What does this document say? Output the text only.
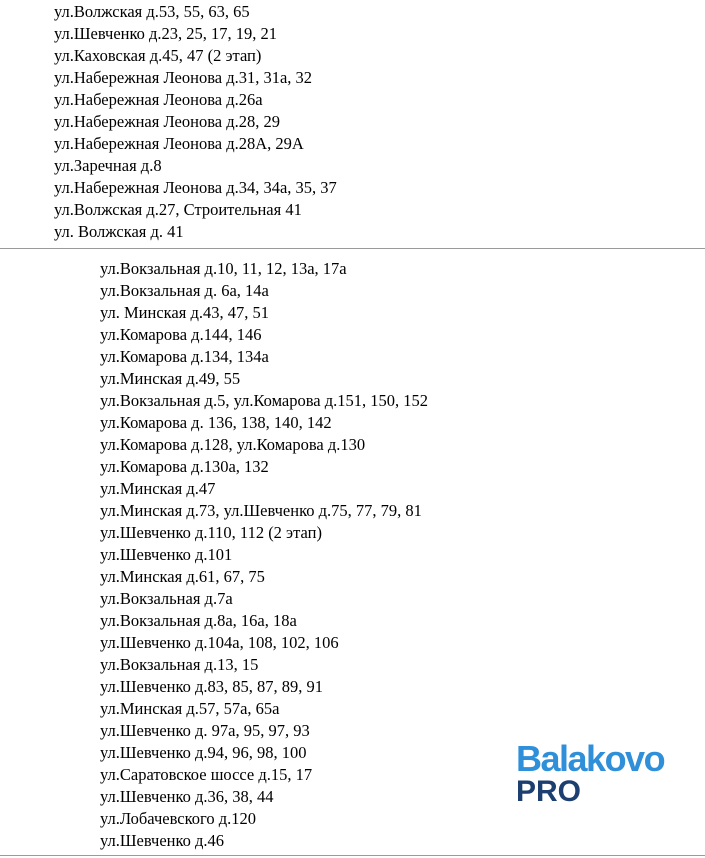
ул.Волжская д.53, 55, 63, 65
ул.Шевченко д.23, 25, 17, 19, 21
ул.Каховская д.45, 47 (2 этап)
ул.Набережная Леонова д.31, 31а, 32
ул.Набережная Леонова д.26а
ул.Набережная Леонова д.28, 29
ул.Набережная Леонова д.28А, 29А
ул.Заречная д.8
ул.Набережная Леонова д.34, 34а, 35, 37
ул.Волжская д.27, Строительная 41
ул. Волжская д. 41
ул.Вокзальная д.10, 11, 12, 13а, 17а
ул.Вокзальная д. 6а, 14а
ул. Минская д.43, 47, 51
ул.Комарова д.144, 146
ул.Комарова д.134, 134а
ул.Минская д.49, 55
ул.Вокзальная д.5, ул.Комарова д.151, 150, 152
ул.Комарова д. 136, 138, 140, 142
ул.Комарова д.128, ул.Комарова д.130
ул.Комарова д.130а, 132
ул.Минская д.47
ул.Минская д.73, ул.Шевченко д.75, 77, 79, 81
ул.Шевченко д.110, 112 (2 этап)
ул.Шевченко д.101
ул.Минская д.61, 67, 75
ул.Вокзальная д.7а
ул.Вокзальная д.8а, 16а, 18а
ул.Шевченко д.104а, 108, 102, 106
ул.Вокзальная д.13, 15
ул.Шевченко д.83, 85, 87, 89, 91
ул.Минская д.57, 57а, 65а
ул.Шевченко д. 97а, 95, 97, 93
ул.Шевченко д.94, 96, 98, 100
ул.Саратовское шоссе д.15, 17
ул.Шевченко д.36, 38, 44
ул.Лобачевского д.120
ул.Шевченко д.46
Balakovo
PRO
